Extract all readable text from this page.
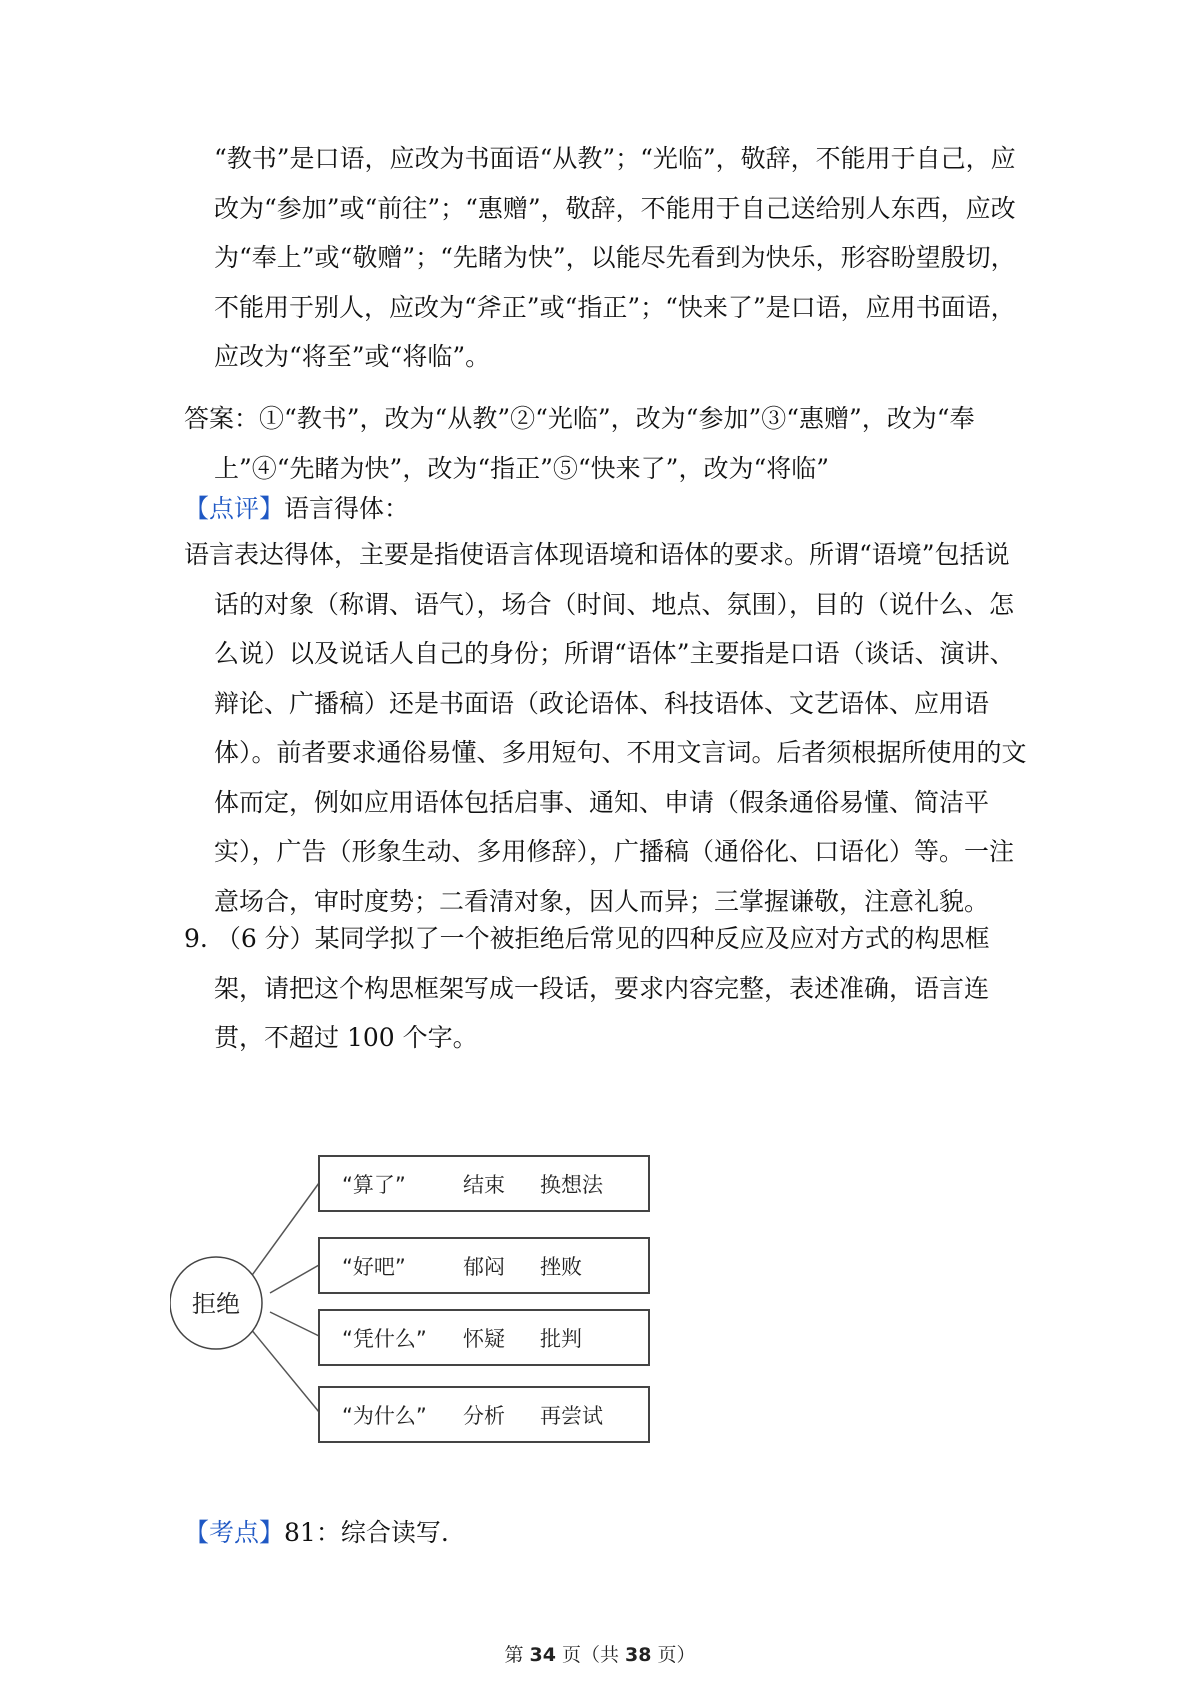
“教书”是口语，应改为书面语“从教”；“光临”，敬辞，不能用于自己，应改为“参加”或“前往”；“惠赠”，敬辞，不能用于自己送给别人东西，应改为“奉上”或“敬赠”；“先睹为快”，以能尽先看到为快乐，形容盼望殷切，不能用于别人，应改为“斧正”或“指正”；“快来了”是口语，应用书面语，应改为“将至”或“将临”。

答案：①“教书”，改为“从教”②“光临”，改为“参加”③“惠赠”，改为“奉上”④“先睹为快”，改为“指正”⑤“快来了”，改为“将临”

【点评】语言得体：

语言表达得体，主要是指使语言体现语境和语体的要求。所谓“语境”包括说话的对象（称谓、语气），场合（时间、地点、氛围），目的（说什么、怎么说）以及说话人自己的身份；所谓“语体”主要指是口语（谈话、演讲、辩论、广播稿）还是书面语（政论语体、科技语体、文艺语体、应用语体）。前者要求通俗易懂、多用短句、不用文言词。后者须根据所使用的文体而定，例如应用语体包括启事、通知、申请（假条通俗易懂、简洁平实），广告（形象生动、多用修辞），广播稿（通俗化、口语化）等。一注意场合，审时度势；二看清对象，因人而异；三掌握谦敬，注意礼貌。

9. （6 分）某同学拟了一个被拒绝后常见的四种反应及应对方式的构思框架，请把这个构思框架写成一段话，要求内容完整，表述准确，语言连贯，不超过 100 个字。

拒绝
“算了”	结束 换想法
“好吧”	郁闷 挫败
“凭什么” 怀疑 批判
“为什么” 分析 再尝试

【考点】81：综合读写.

第 34 页（共 38 页）
